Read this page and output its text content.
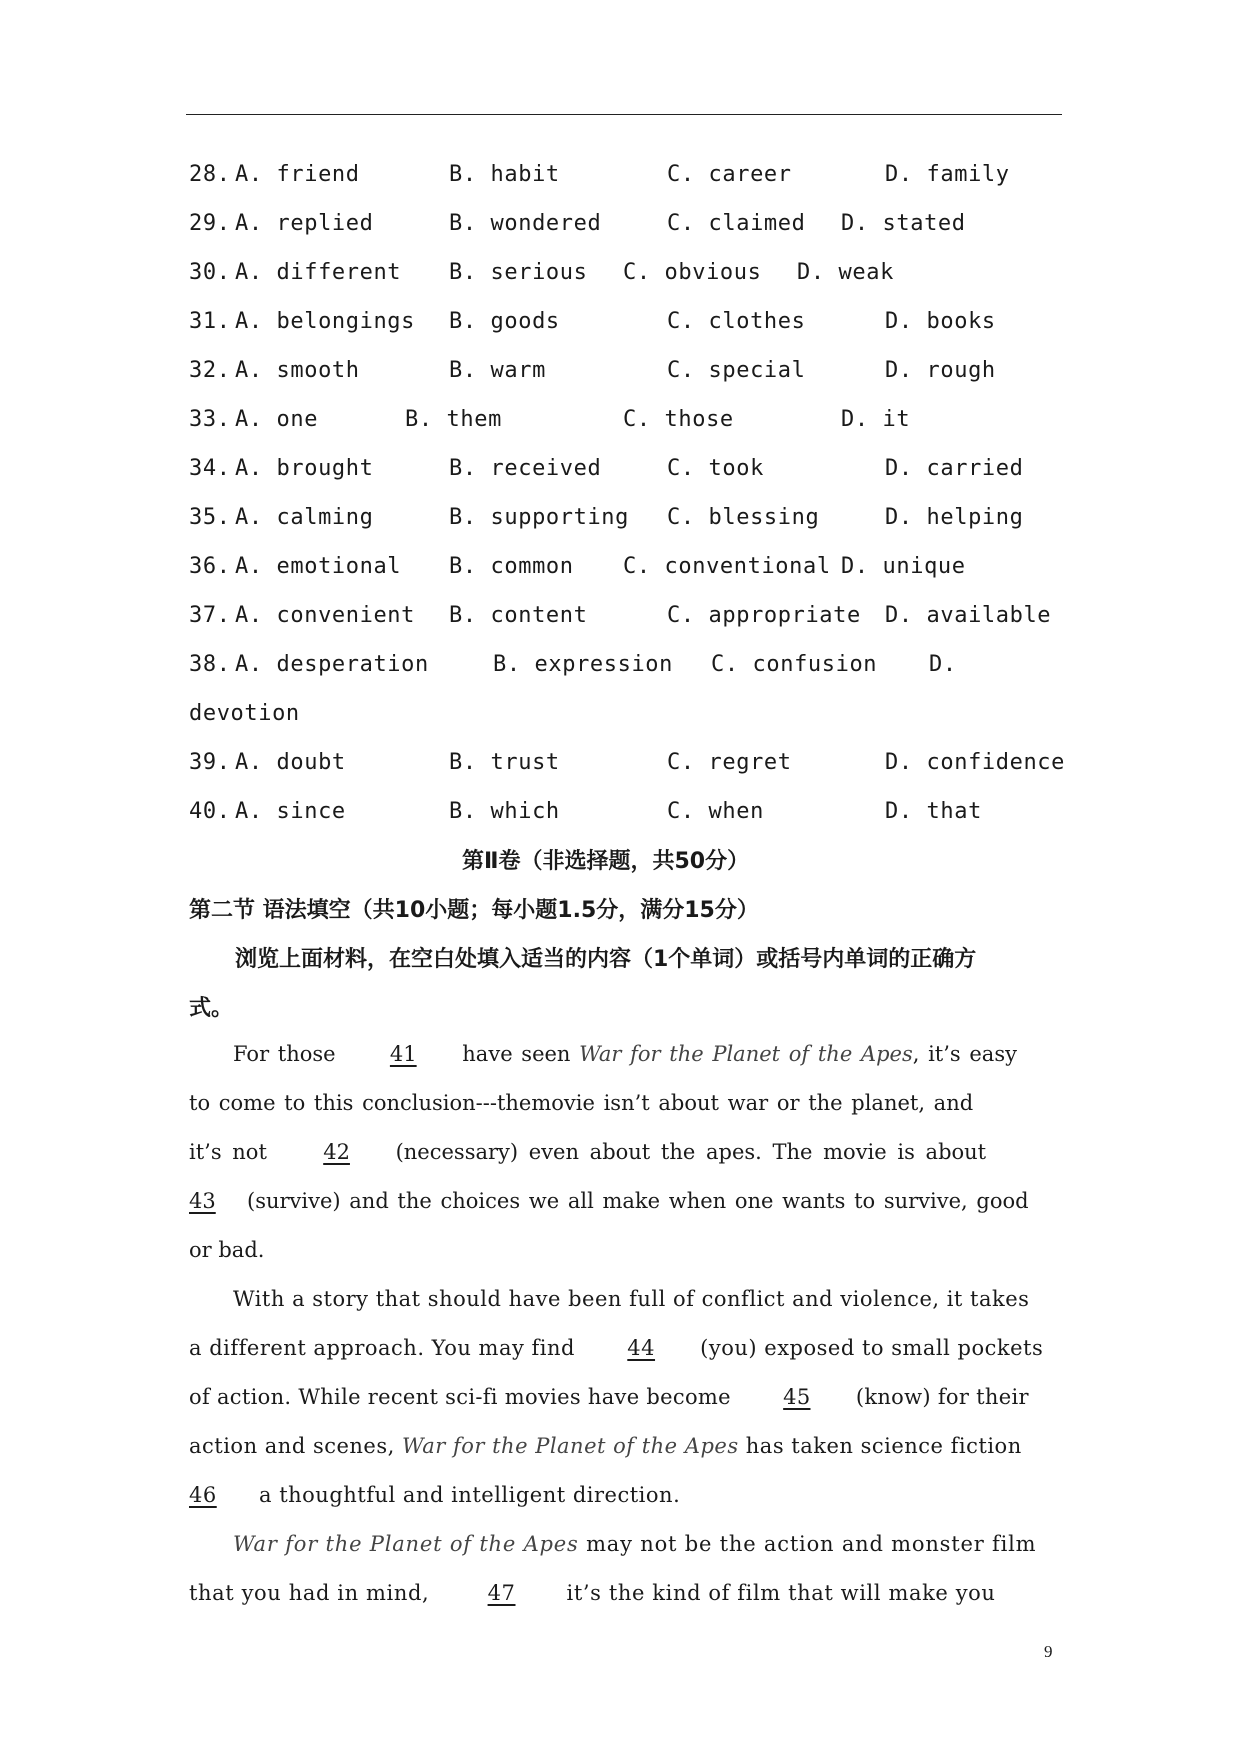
28. A. friend	B. habit	C. career	D. family
29. A. replied	B. wondered	C. claimed D. stated
30. A. different B. serious C. obvious D. weak
31. A. belongings B. goods	C. clothes	D. books
32. A. smooth	B. warm	C. special	D. rough
33. A. one	B. them	C. those	D. it
34. A. brought	B. received	C. took	D. carried
35. A. calming	B. supporting C. blessing	D. helping
36. A. emotional B. common C. conventional D. unique
37. A. convenient B. content	C. appropriate D. available
38. A. desperation	B. expression C. confusion D.
devotion
39. A. doubt	B. trust	C. regret	D. confidence
40. A. since	B. which	C. when	D. that
第Ⅱ卷（非选择题，共50分）
第二节 语法填空（共10小题；每小题1.5分，满分15分）
浏览上面材料，在空白处填入适当的内容（1个单词）或括号内单词的正确方
式。
For those 41 have seen War for the Planet of the Apes, it’s easy
to come to this conclusion---themovie isn’t about war or the planet, and
it’s not 42 (necessary) even about the apes. The movie is about
43 (survive) and the choices we all make when one wants to survive, good
or bad.
With a story that should have been full of conflict and violence, it takes
a different approach. You may find 44 (you) exposed to small pockets
of action. While recent sci-fi movies have become 45 (know) for their
action and scenes, War for the Planet of the Apes has taken science fiction
46 a thoughtful and intelligent direction.
War for the Planet of the Apes may not be the action and monster film
that you had in mind, 47 it’s the kind of film that will make you
9
